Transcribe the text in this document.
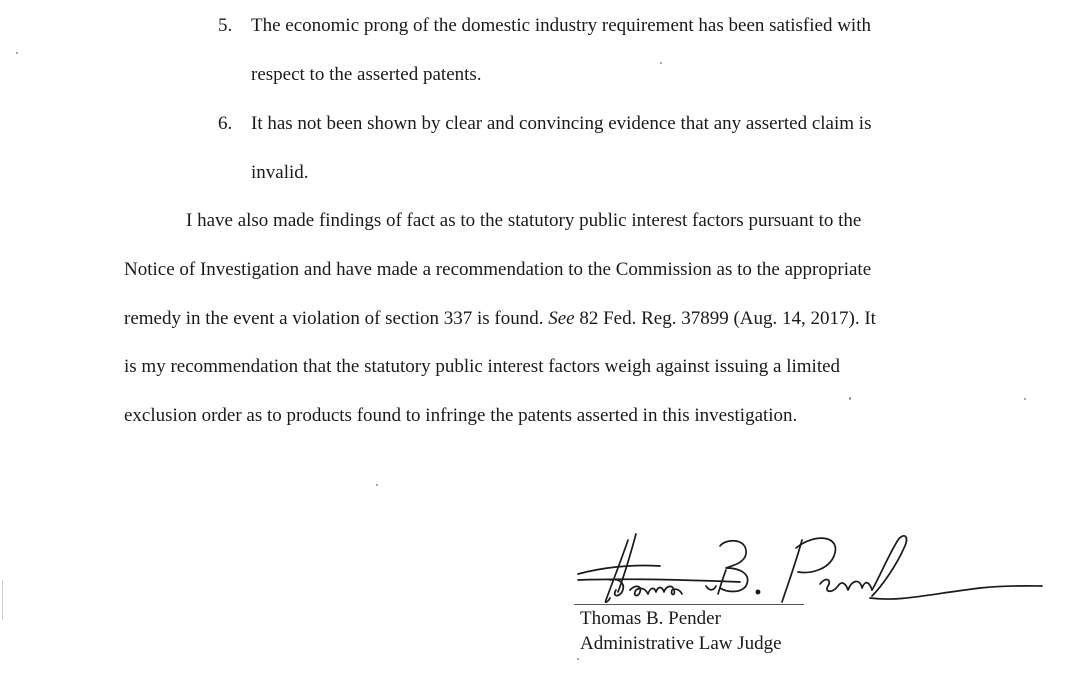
5. The economic prong of the domestic industry requirement has been satisfied with
respect to the asserted patents.
6. It has not been shown by clear and convincing evidence that any asserted claim is
invalid.
I have also made findings of fact as to the statutory public interest factors pursuant to the
Notice of Investigation and have made a recommendation to the Commission as to the appropriate
remedy in the event a violation of section 337 is found. See 82 Fed. Reg. 37899 (Aug. 14, 2017). It
is my recommendation that the statutory public interest factors weigh against issuing a limited
exclusion order as to products found to infringe the patents asserted in this investigation.
Thomas B. Pender
Administrative Law Judge
